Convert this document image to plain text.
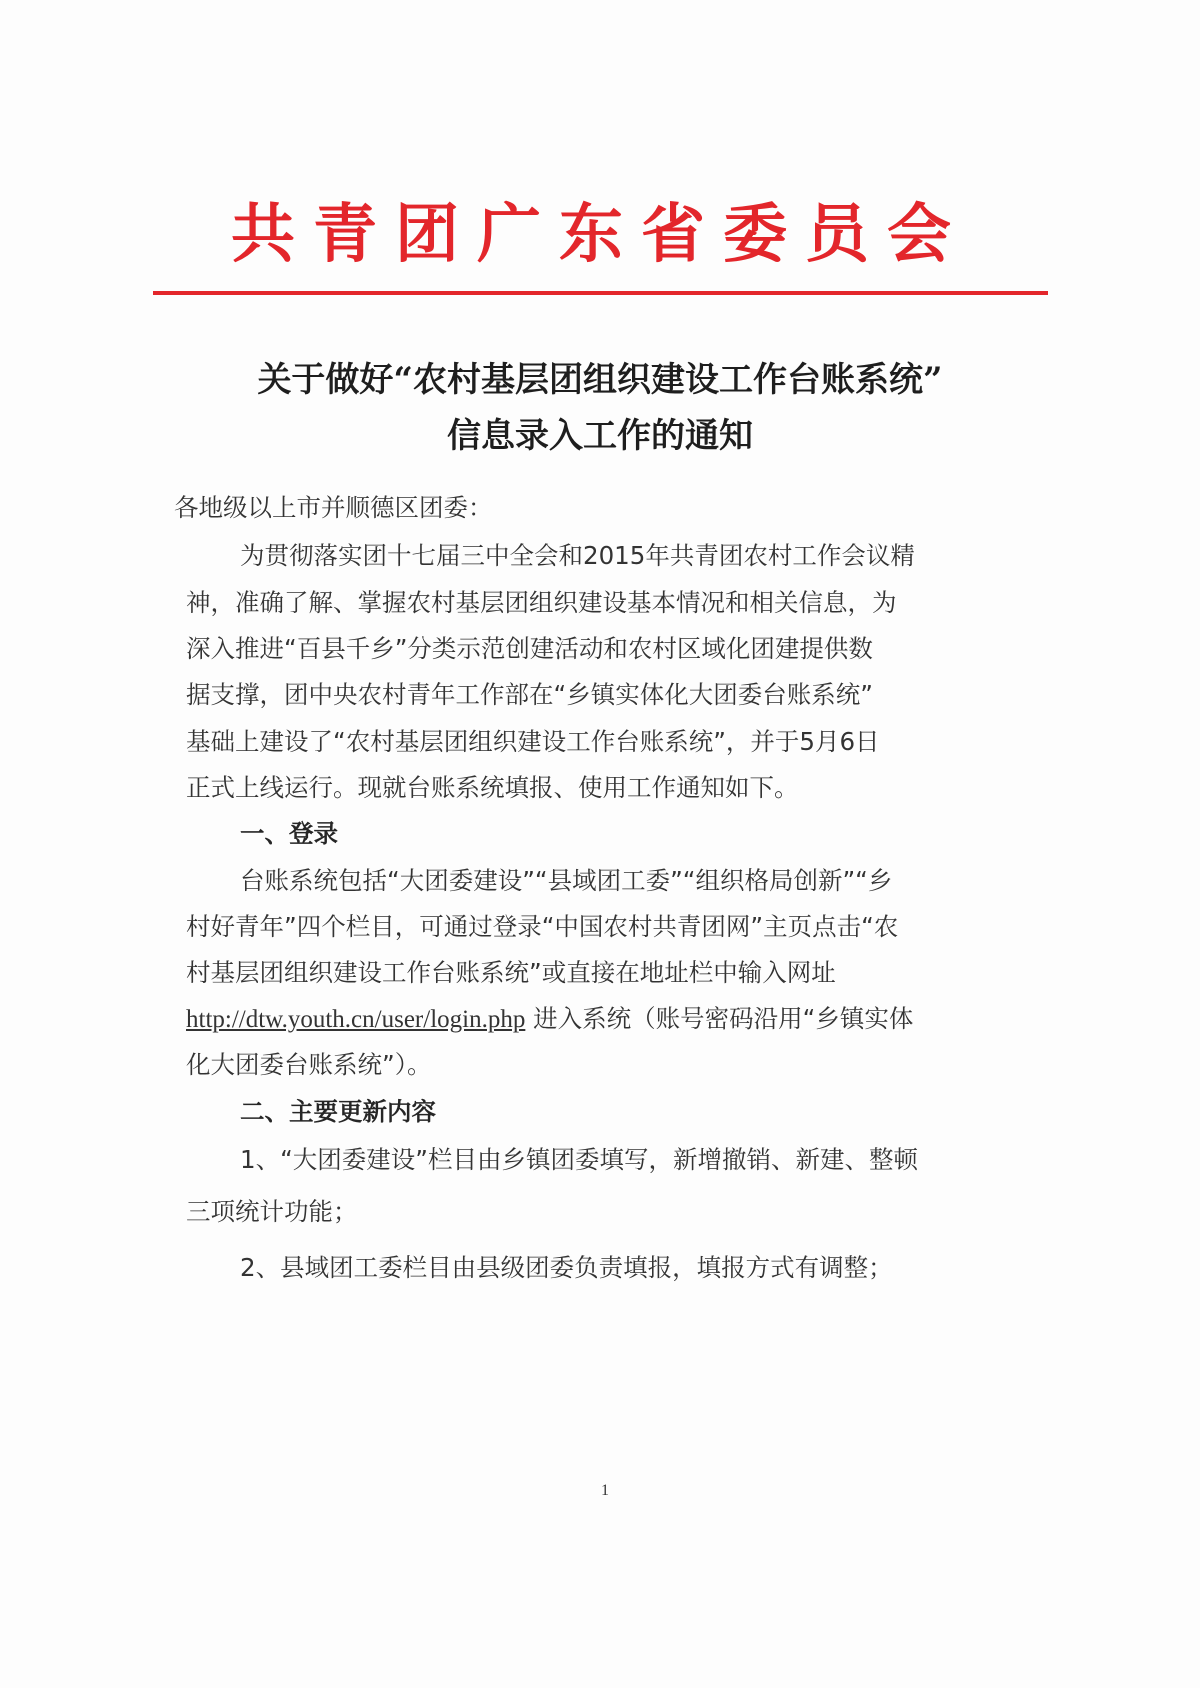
共青团广东省委员会
关于做好“农村基层团组织建设工作台账系统”
信息录入工作的通知
各地级以上市并顺德区团委：
为贯彻落实团十七届三中全会和2015年共青团农村工作会议精
神，准确了解、掌握农村基层团组织建设基本情况和相关信息，为
深入推进“百县千乡”分类示范创建活动和农村区域化团建提供数
据支撑，团中央农村青年工作部在“乡镇实体化大团委台账系统”
基础上建设了“农村基层团组织建设工作台账系统”，并于5月6日
正式上线运行。现就台账系统填报、使用工作通知如下。
一、登录
台账系统包括“大团委建设”“县域团工委”“组织格局创新”“乡
村好青年”四个栏目，可通过登录“中国农村共青团网”主页点击“农
村基层团组织建设工作台账系统”或直接在地址栏中输入网址
http://dtw.youth.cn/user/login.php 进入系统（账号密码沿用“乡镇实体
化大团委台账系统”）。
二、主要更新内容
1、“大团委建设”栏目由乡镇团委填写，新增撤销、新建、整顿
三项统计功能；
2、县域团工委栏目由县级团委负责填报，填报方式有调整；
1
